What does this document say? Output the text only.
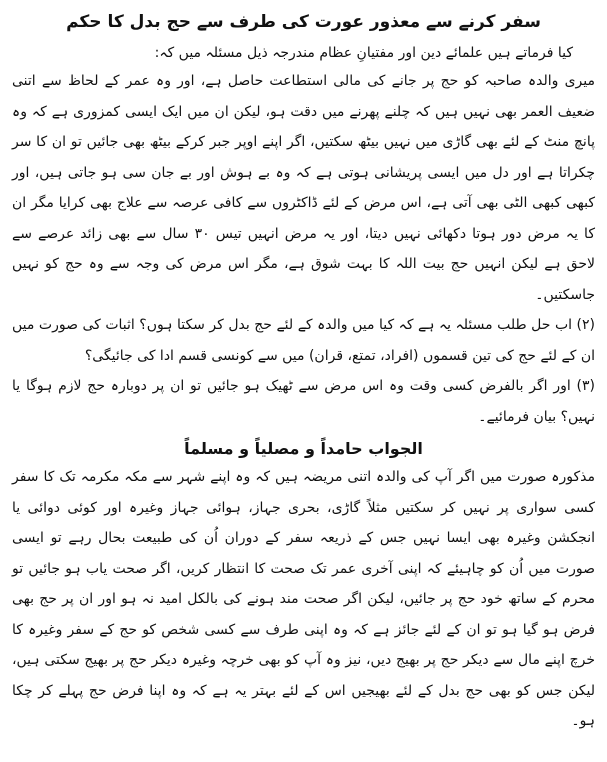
سفر کرنے سے معذور عورت کی طرف سے حج بدل کا حکم

کیا فرماتے ہیں علمائے دین اور مفتیانِ عظام مندرجہ ذیل مسئلہ میں کہ:

میری والدہ صاحبہ کو حج پر جانے کی مالی استطاعت حاصل ہے، اور وہ عمر کے لحاظ سے اتنی ضعیف العمر بھی نہیں ہیں کہ چلنے پھرنے میں دقت ہو، لیکن ان میں ایک ایسی کمزوری ہے کہ وہ پانچ منٹ کے لئے بھی گاڑی میں نہیں بیٹھ سکتیں، اگر اپنے اوپر جبر کرکے بیٹھ بھی جائیں تو ان کا سر چکراتا ہے اور دل میں ایسی پریشانی ہوتی ہے کہ وہ بے ہوش اور بے جان سی ہو جاتی ہیں، اور کبھی کبھی الٹی بھی آتی ہے، اس مرض کے لئے ڈاکٹروں سے کافی عرصہ سے علاج بھی کرایا مگر ان کا یہ مرض دور ہوتا دکھائی نہیں دیتا، اور یہ مرض انہیں تیس ۳۰ سال سے بھی زائد عرصے سے لاحق ہے لیکن انہیں حج بیت اللہ کا بہت شوق ہے، مگر اس مرض کی وجہ سے وہ حج کو نہیں جاسکتیں۔

(۲) اب حل طلب مسئلہ یہ ہے کہ کیا میں والدہ کے لئے حج بدل کر سکتا ہوں؟ اثبات کی صورت میں ان کے لئے حج کی تین قسموں (افراد، تمتع، قران) میں سے کونسی قسم ادا کی جائیگی؟

(۳) اور اگر بالفرض کسی وقت وہ اس مرض سے ٹھیک ہو جائیں تو ان پر دوبارہ حج لازم ہوگا یا نہیں؟ بیان فرمائیے۔

الجواب حامداً و مصلیاً و مسلماً

مذکورہ صورت میں اگر آپ کی والدہ اتنی مریضہ ہیں کہ وہ اپنے شہر سے مکہ مکرمہ تک کا سفر کسی سواری پر نہیں کر سکتیں مثلاً گاڑی، بحری جہاز، ہوائی جہاز وغیرہ اور کوئی دوائی یا انجکشن وغیرہ بھی ایسا نہیں جس کے ذریعہ سفر کے دوران اُن کی طبیعت بحال رہے تو ایسی صورت میں اُن کو چاہیئے کہ اپنی آخری عمر تک صحت کا انتظار کریں، اگر صحت یاب ہو جائیں تو محرم کے ساتھ خود حج پر جائیں، لیکن اگر صحت مند ہونے کی بالکل امید نہ ہو اور ان پر حج بھی فرض ہو گیا ہو تو ان کے لئے جائز ہے کہ وہ اپنی طرف سے کسی شخص کو حج کے سفر وغیرہ کا خرچ اپنے مال سے دیکر حج پر بھیج دیں، نیز وہ آپ کو بھی خرچہ وغیرہ دیکر حج پر بھیج سکتی ہیں، لیکن جس کو بھی حج بدل کے لئے بھیجیں اس کے لئے بہتر یہ ہے کہ وہ اپنا فرض حج پہلے کر چکا ہو۔
